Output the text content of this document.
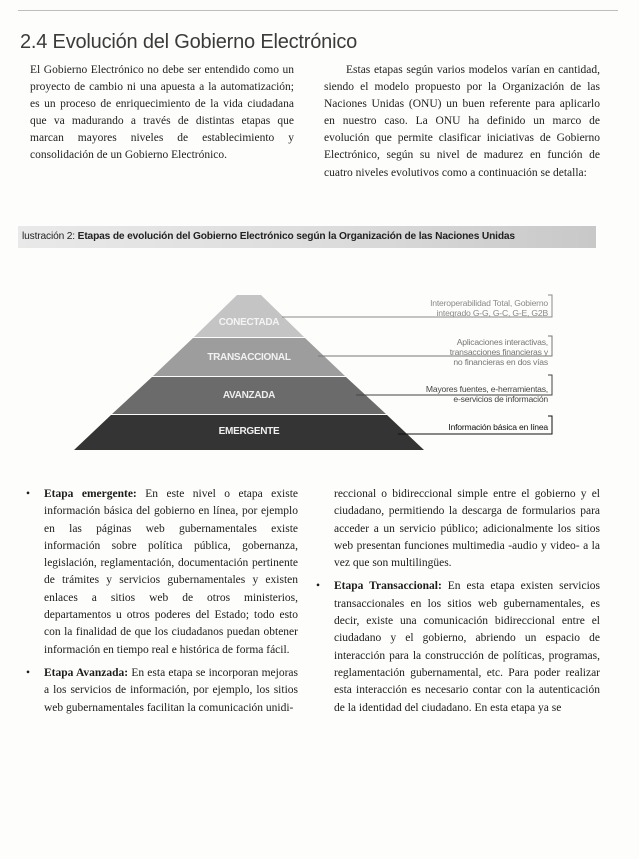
2.4 Evolución del Gobierno Electrónico

El Gobierno Electrónico no debe ser entendido como un proyecto de cambio ni una apuesta a la automatización; es un proceso de enriquecimiento de la vida ciudadana que va madurando a través de distintas etapas que marcan mayores niveles de establecimiento y consolidación de un Gobierno Electrónico.

Estas etapas según varios modelos varían en cantidad, siendo el modelo propuesto por la Organización de las Naciones Unidas (ONU) un buen referente para aplicarlo en nuestro caso. La ONU ha definido un marco de evolución que permite clasificar iniciativas de Gobierno Electrónico, según su nivel de madurez en función de cuatro niveles evolutivos como a continuación se detalla:

lustración 2: Etapas de evolución del Gobierno Electrónico según la Organización de las Naciones Unidas
CONECTADA
TRANSACCIONAL
AVANZADA
EMERGENTE
Interoperabilidad Total, Gobierno
integrado G-G, G-C, G-E, G2B
Aplicaciones interactivas,
transacciones financieras y
no financieras en dos vías
Mayores fuentes, e-herramientas,
e-servicios de información
Información básica en línea
• Etapa emergente: En este nivel o etapa existe información básica del gobierno en línea, por ejemplo en las páginas web gubernamentales existe información sobre política pública, gobernanza, legislación, reglamentación, documentación pertinente de trámites y servicios gubernamentales y existen enlaces a sitios web de otros ministerios, departamentos u otros poderes del Estado; todo esto con la finalidad de que los ciudadanos puedan obtener información en tiempo real e histórica de forma fácil.
• Etapa Avanzada: En esta etapa se incorporan mejoras a los servicios de información, por ejemplo, los sitios web gubernamentales facilitan la comunicación unidi-

reccional o bidireccional simple entre el gobierno y el ciudadano, permitiendo la descarga de formularios para acceder a un servicio público; adicionalmente los sitios web presentan funciones multimedia -audio y video- a la vez que son multilingües.

• Etapa Transaccional: En esta etapa existen servicios transaccionales en los sitios web gubernamentales, es decir, existe una comunicación bidireccional entre el ciudadano y el gobierno, abriendo un espacio de interacción para la construcción de políticas, programas, reglamentación gubernamental, etc. Para poder realizar esta interacción es necesario contar con la autenticación de la identidad del ciudadano. En esta etapa ya se
